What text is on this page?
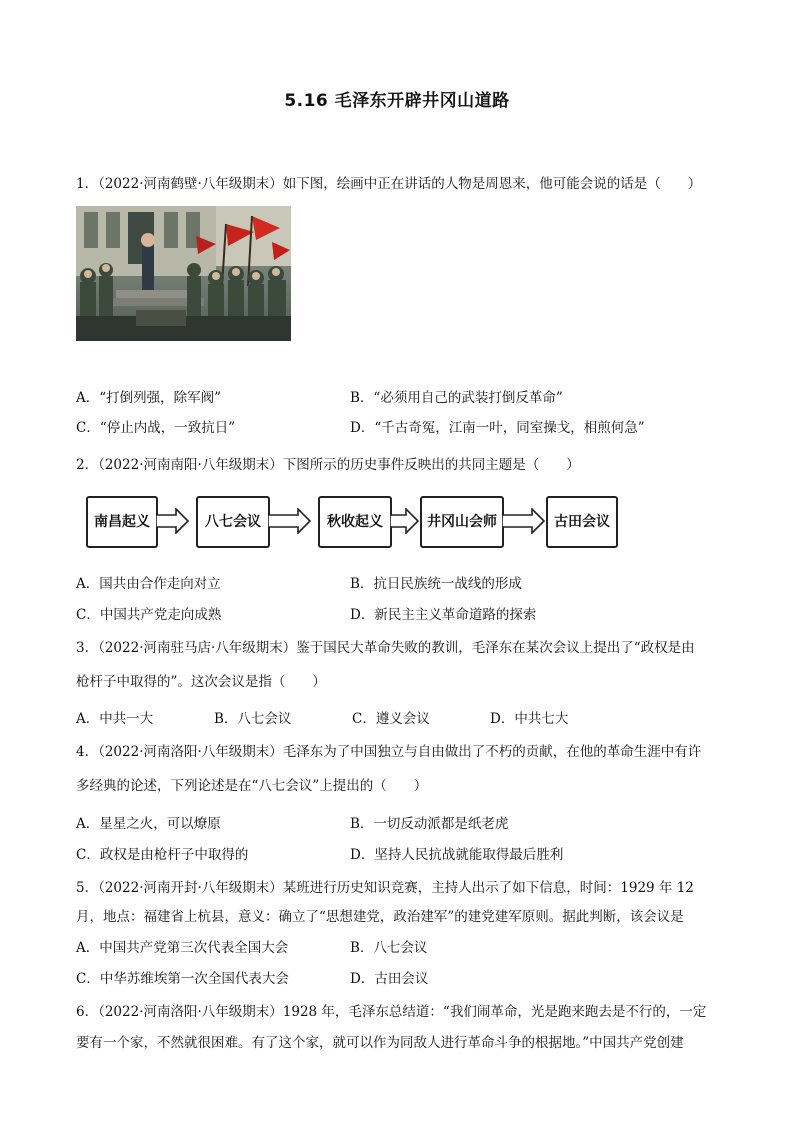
5.16 毛泽东开辟井冈山道路
1．（2022·河南鹤壁·八年级期末）如下图，绘画中正在讲话的人物是周恩来，他可能会说的话是（　　）
A．“打倒列强，除军阀”	B．“必须用自己的武装打倒反革命”
C．“停止内战，一致抗日”	D．“千古奇冤，江南一叶，同室操戈，相煎何急”
2．（2022·河南南阳·八年级期末）下图所示的历史事件反映出的共同主题是（　　）
南昌起义	八七会议	秋收起义	井冈山会师	古田会议
A．国共由合作走向对立	B．抗日民族统一战线的形成
C．中国共产党走向成熟	D．新民主主义革命道路的探索
3．（2022·河南驻马店·八年级期末）鉴于国民大革命失败的教训，毛泽东在某次会议上提出了“政权是由
枪杆子中取得的”。这次会议是指（　　）
A．中共一大	B．八七会议	C．遵义会议	D．中共七大
4．（2022·河南洛阳·八年级期末）毛泽东为了中国独立与自由做出了不朽的贡献，在他的革命生涯中有许
多经典的论述，下列论述是在“八七会议”上提出的（　　）
A．星星之火，可以燎原	B．一切反动派都是纸老虎
C．政权是由枪杆子中取得的	D．坚持人民抗战就能取得最后胜利
5．（2022·河南开封·八年级期末）某班进行历史知识竞赛，主持人出示了如下信息，时间：1929 年 12
月，地点：福建省上杭县，意义：确立了“思想建党，政治建军”的建党建军原则。据此判断，该会议是
A．中国共产党第三次代表全国大会	B．八七会议
C．中华苏维埃第一次全国代表大会	D．古田会议
6．（2022·河南洛阳·八年级期末）1928 年，毛泽东总结道：“我们闹革命，光是跑来跑去是不行的，一定
要有一个家，不然就很困难。有了这个家，就可以作为同敌人进行革命斗争的根据地。”中国共产党创建
